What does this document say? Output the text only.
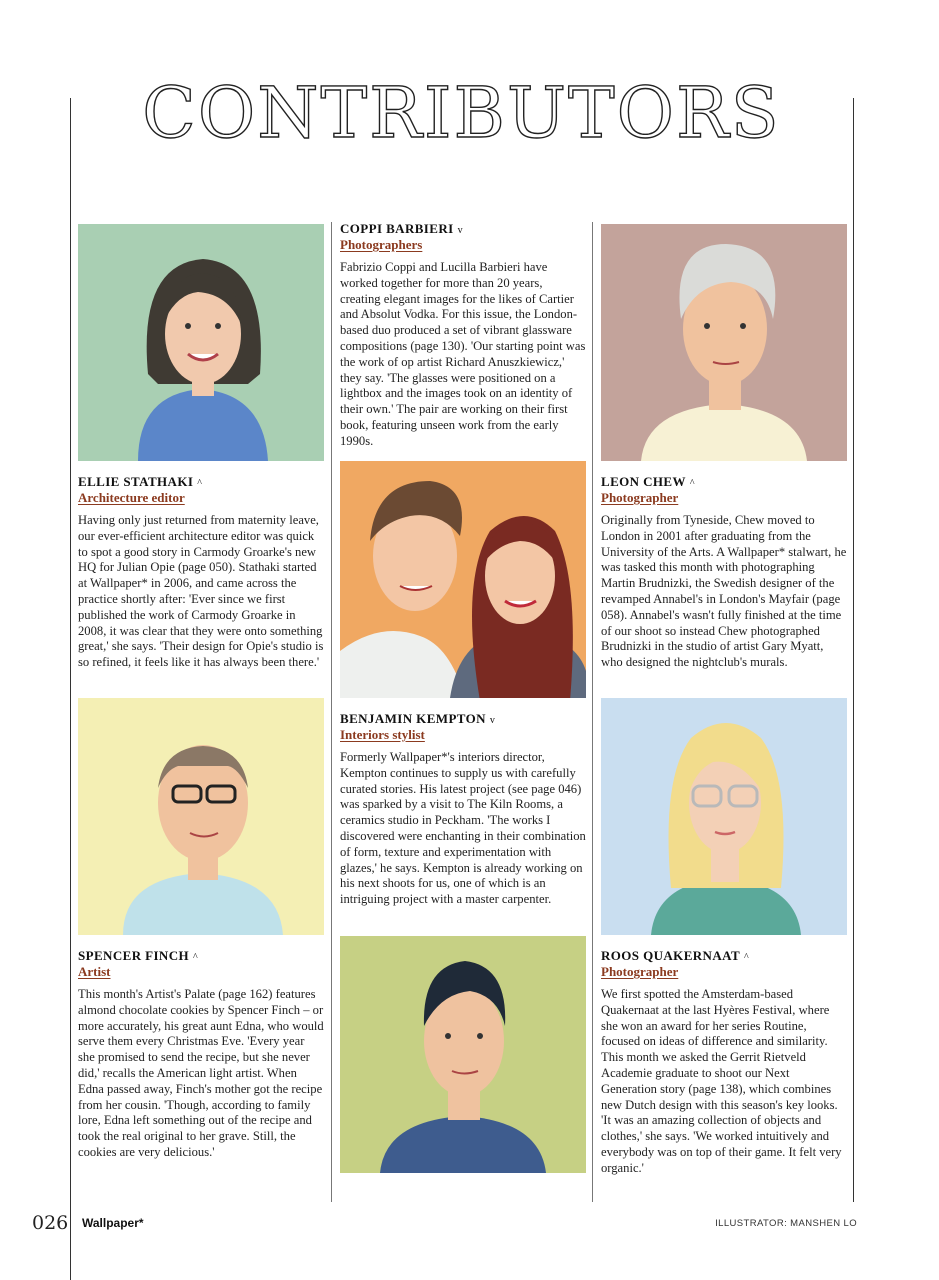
CONTRIBUTORS
ELLIE STATHAKI ^
Architecture editor
Having only just returned from maternity leave, our ever-efficient architecture editor was quick to spot a good story in Carmody Groarke's new HQ for Julian Opie (page 050). Stathaki started at Wallpaper* in 2006, and came across the practice shortly after: 'Ever since we first published the work of Carmody Groarke in 2008, it was clear that they were onto something great,' she says. 'Their design for Opie's studio is so refined, it feels like it has always been there.'
SPENCER FINCH ^
Artist
This month's Artist's Palate (page 162) features almond chocolate cookies by Spencer Finch – or more accurately, his great aunt Edna, who would serve them every Christmas Eve. 'Every year she promised to send the recipe, but she never did,' recalls the American light artist. When Edna passed away, Finch's mother got the recipe from her cousin. 'Though, according to family lore, Edna left something out of the recipe and took the real original to her grave. Still, the cookies are very delicious.'
COPPI BARBIERI v
Photographers
Fabrizio Coppi and Lucilla Barbieri have worked together for more than 20 years, creating elegant images for the likes of Cartier and Absolut Vodka. For this issue, the London-based duo produced a set of vibrant glassware compositions (page 130). 'Our starting point was the work of op artist Richard Anuszkiewicz,' they say. 'The glasses were positioned on a lightbox and the images took on an identity of their own.' The pair are working on their first book, featuring unseen work from the early 1990s.
BENJAMIN KEMPTON v
Interiors stylist
Formerly Wallpaper*'s interiors director, Kempton continues to supply us with carefully curated stories. His latest project (see page 046) was sparked by a visit to The Kiln Rooms, a ceramics studio in Peckham. 'The works I discovered were enchanting in their combination of form, texture and experimentation with glazes,' he says. Kempton is already working on his next shoots for us, one of which is an intriguing project with a master carpenter.
LEON CHEW ^
Photographer
Originally from Tyneside, Chew moved to London in 2001 after graduating from the University of the Arts. A Wallpaper* stalwart, he was tasked this month with photographing Martin Brudnizki, the Swedish designer of the revamped Annabel's in London's Mayfair (page 058). Annabel's wasn't fully finished at the time of our shoot so instead Chew photographed Brudnizki in the studio of artist Gary Myatt, who designed the nightclub's murals.
ROOS QUAKERNAAT ^
Photographer
We first spotted the Amsterdam-based Quakernaat at the last Hyères Festival, where she won an award for her series Routine, focused on ideas of difference and similarity. This month we asked the Gerrit Rietveld Academie graduate to shoot our Next Generation story (page 138), which combines new Dutch design with this season's key looks. 'It was an amazing collection of objects and clothes,' she says. 'We worked intuitively and everybody was on top of their game. It felt very organic.'
026 Wallpaper*	ILLUSTRATOR: MANSHEN LO
